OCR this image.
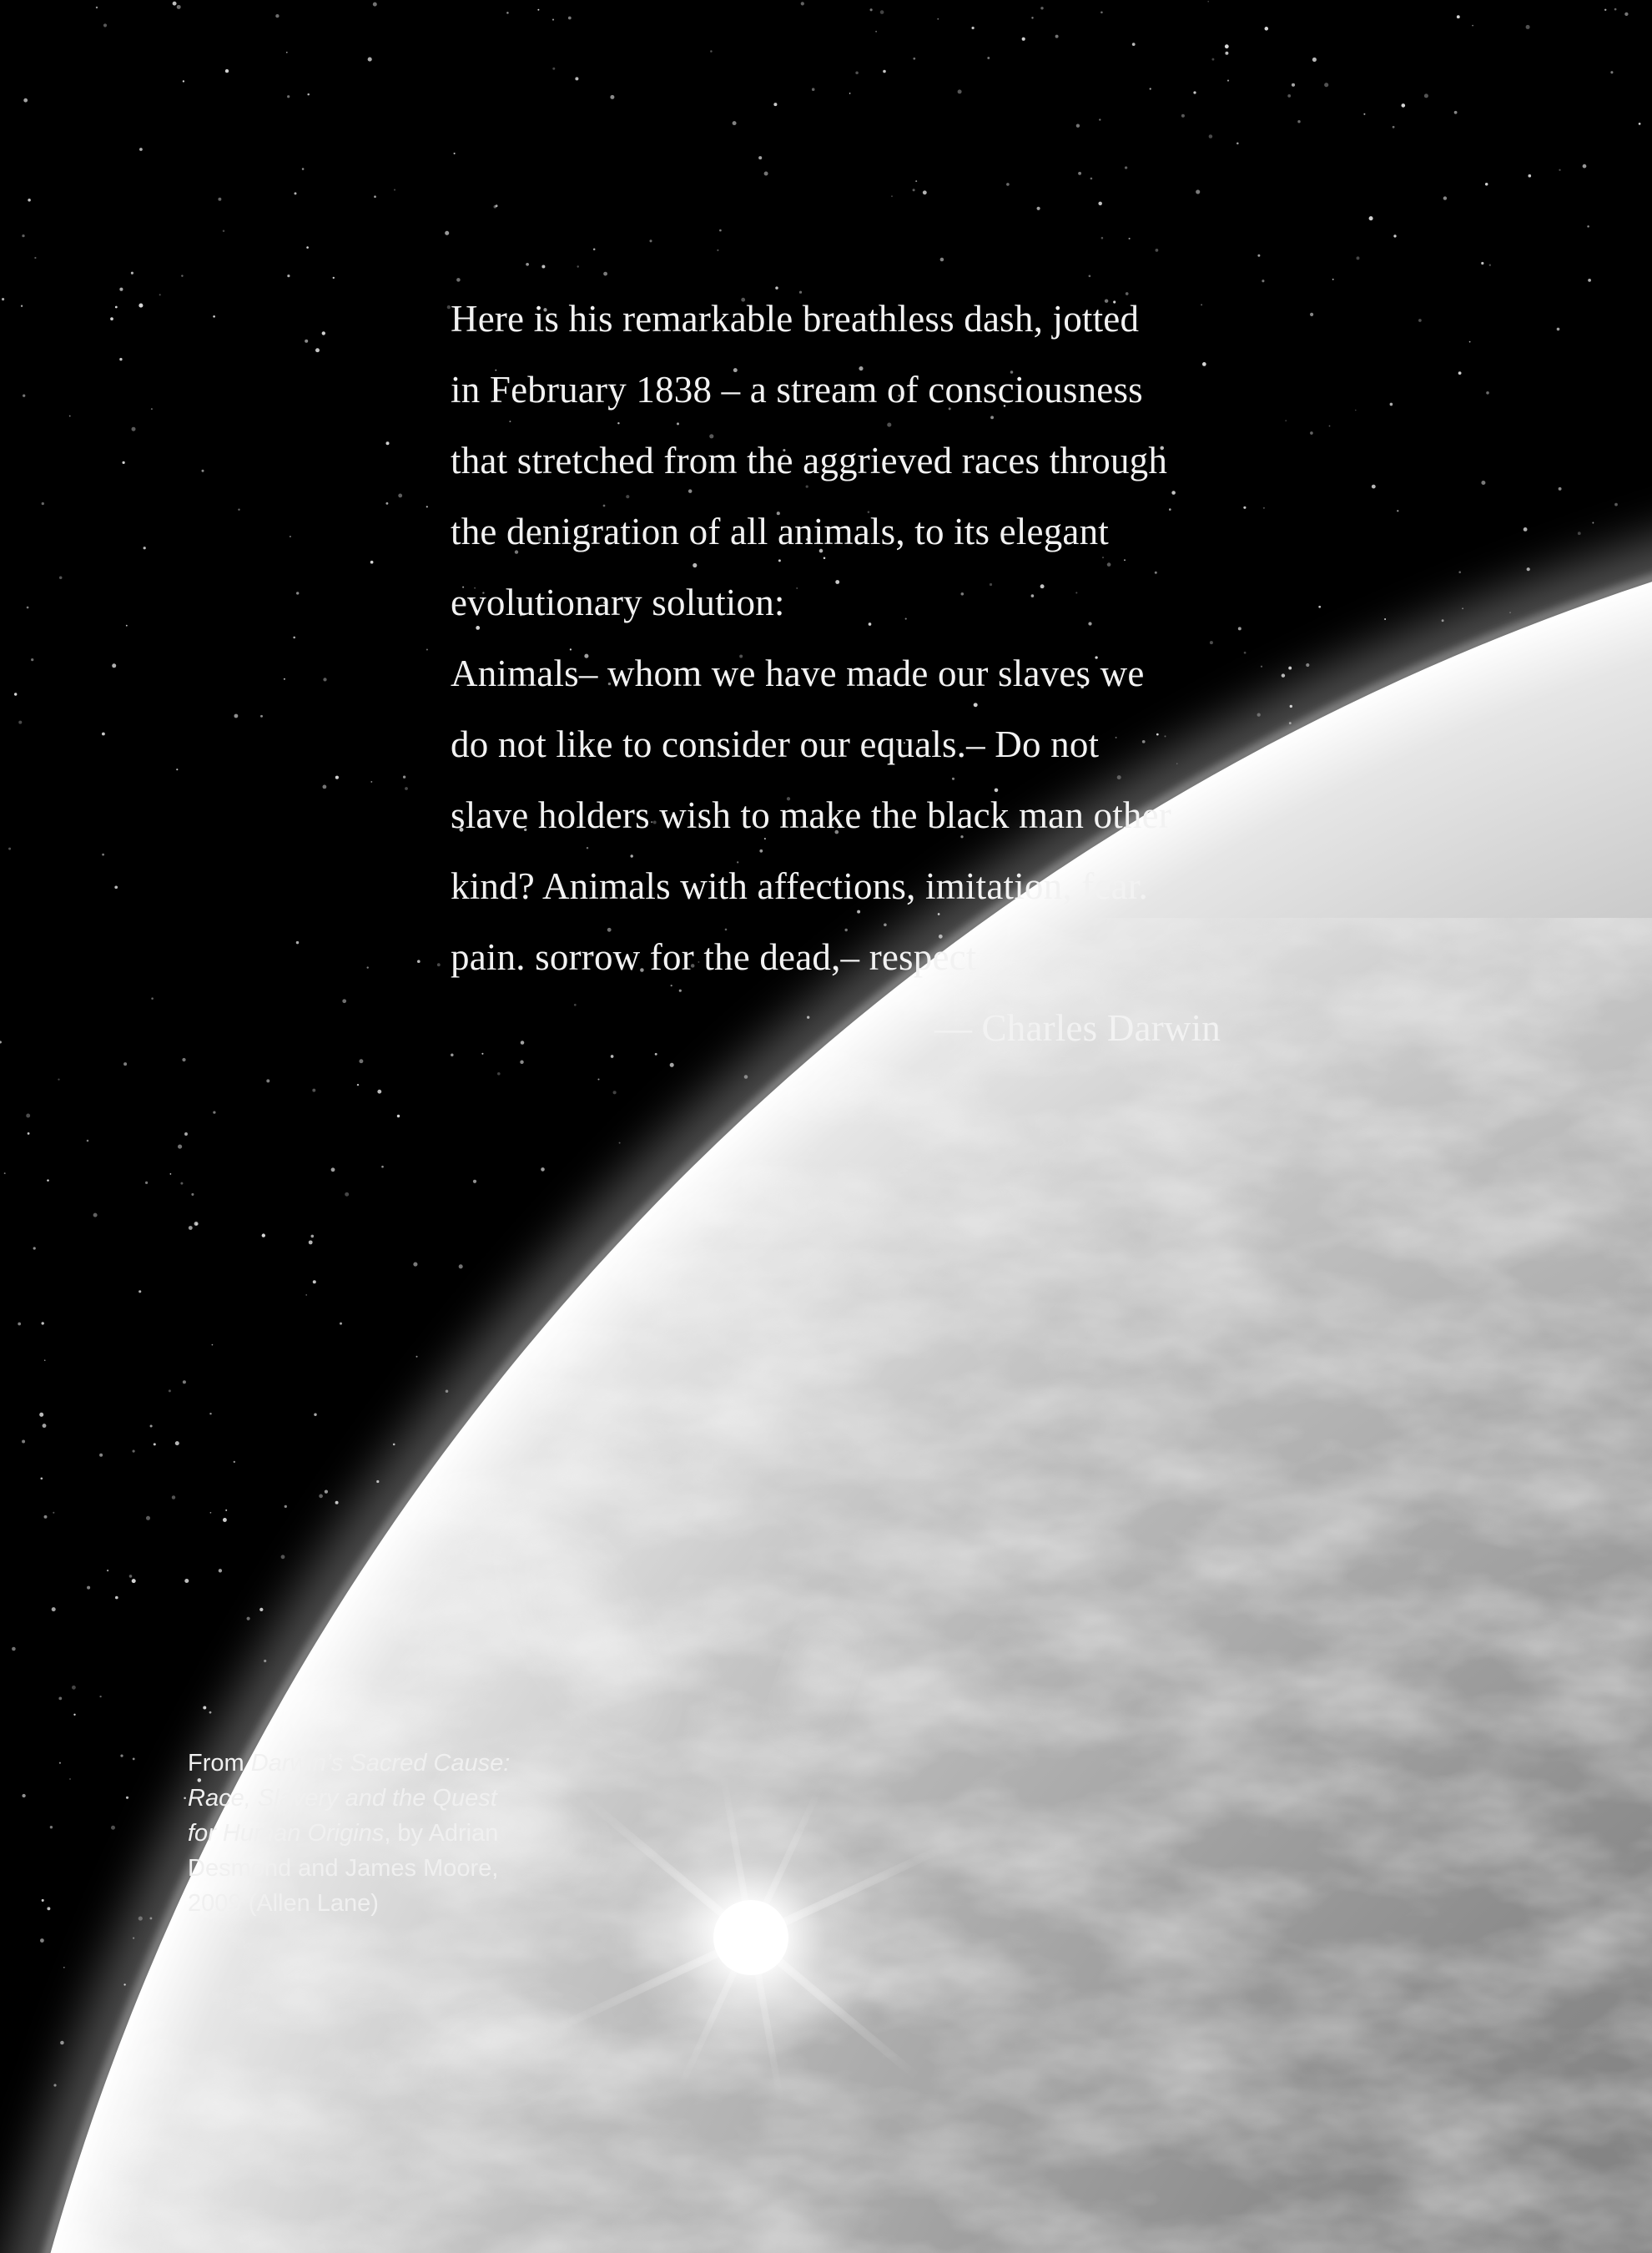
Here is his remarkable breathless dash, jotted
in February 1838 – a stream of consciousness
that stretched from the aggrieved races through
the denigration of all animals, to its elegant
evolutionary solution:
Animals– whom we have made our slaves we
do not like to consider our equals.– Do not
slave holders wish to make the black man other
kind? Animals with affections, imitation, fear.
pain. sorrow for the dead,– respect
— Charles Darwin
From Darwin’s Sacred Cause:
Race, Slavery and the Quest
for Human Origins, by Adrian
Desmond and James Moore,
2009 (Allen Lane)
